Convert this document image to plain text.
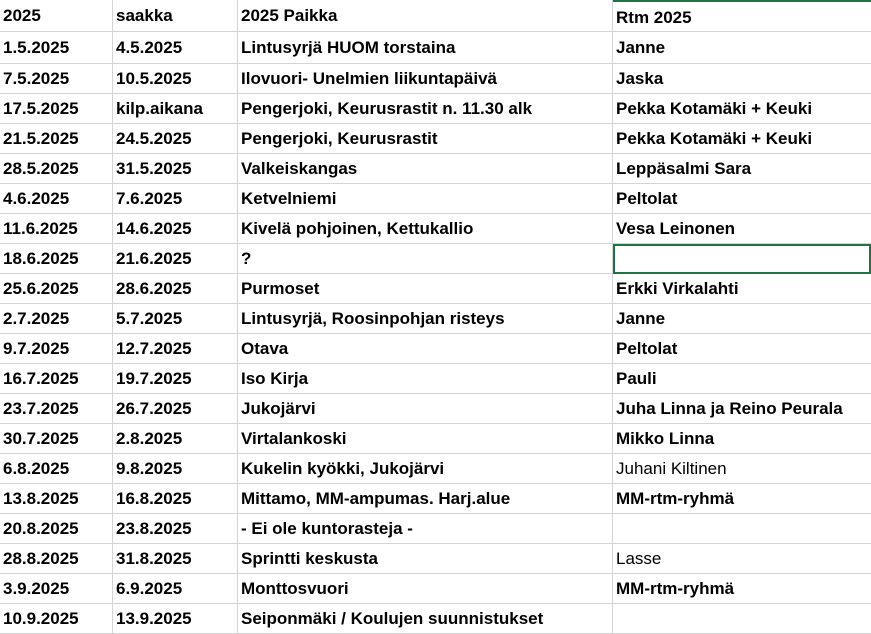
2025	saakka	2025 Paikka	Rtm 2025
1.5.2025	4.5.2025	Lintusyrjä HUOM torstaina	Janne
7.5.2025	10.5.2025	Ilovuori- Unelmien liikuntapäivä	Jaska
17.5.2025	kilp.aikana	Pengerjoki, Keurusrastit n. 11.30 alk	Pekka Kotamäki + Keuki
21.5.2025	24.5.2025	Pengerjoki, Keurusrastit	Pekka Kotamäki + Keuki
28.5.2025	31.5.2025	Valkeiskangas	Leppäsalmi Sara
4.6.2025	7.6.2025	Ketvelniemi	Peltolat
11.6.2025	14.6.2025	Kivelä pohjoinen, Kettukallio	Vesa Leinonen
18.6.2025	21.6.2025	?
25.6.2025	28.6.2025	Purmoset	Erkki Virkalahti
2.7.2025	5.7.2025	Lintusyrjä, Roosinpohjan risteys	Janne
9.7.2025	12.7.2025	Otava	Peltolat
16.7.2025	19.7.2025	Iso Kirja	Pauli
23.7.2025	26.7.2025	Jukojärvi	Juha Linna ja Reino Peurala
30.7.2025	2.8.2025	Virtalankoski	Mikko Linna
6.8.2025	9.8.2025	Kukelin kyökki, Jukojärvi	Juhani Kiltinen
13.8.2025	16.8.2025	Mittamo, MM-ampumas. Harj.alue	MM-rtm-ryhmä
20.8.2025	23.8.2025	- Ei ole kuntorasteja -
28.8.2025	31.8.2025	Sprintti keskusta	Lasse
3.9.2025	6.9.2025	Monttosvuori	MM-rtm-ryhmä
10.9.2025	13.9.2025	Seiponmäki / Koulujen suunnistukset
